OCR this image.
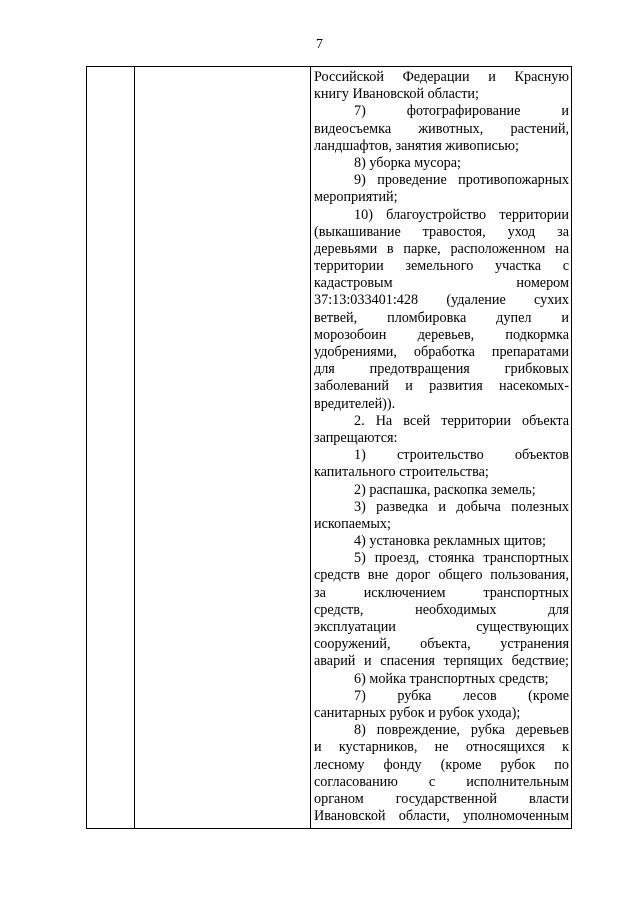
7
Российской Федерации и Красную
книгу Ивановской области;
7) фотографирование и
видеосъемка животных, растений,
ландшафтов, занятия живописью;
8) уборка мусора;
9) проведение противопожарных
мероприятий;
10) благоустройство территории
(выкашивание травостоя, уход за
деревьями в парке, расположенном на
территории земельного участка с
кадастровым номером
37:13:033401:428 (удаление сухих
ветвей, пломбировка дупел и
морозобоин деревьев, подкормка
удобрениями, обработка препаратами
для предотвращения грибковых
заболеваний и развития насекомых-
вредителей)).
2. На всей территории объекта
запрещаются:
1) строительство объектов
капитального строительства;
2) распашка, раскопка земель;
3) разведка и добыча полезных
ископаемых;
4) установка рекламных щитов;
5) проезд, стоянка транспортных
средств вне дорог общего пользования,
за исключением транспортных
средств, необходимых для
эксплуатации существующих
сооружений, объекта, устранения
аварий и спасения терпящих бедствие;
6) мойка транспортных средств;
7) рубка лесов (кроме
санитарных рубок и рубок ухода);
8) повреждение, рубка деревьев
и кустарников, не относящихся к
лесному фонду (кроме рубок по
согласованию с исполнительным
органом государственной власти
Ивановской области, уполномоченным
